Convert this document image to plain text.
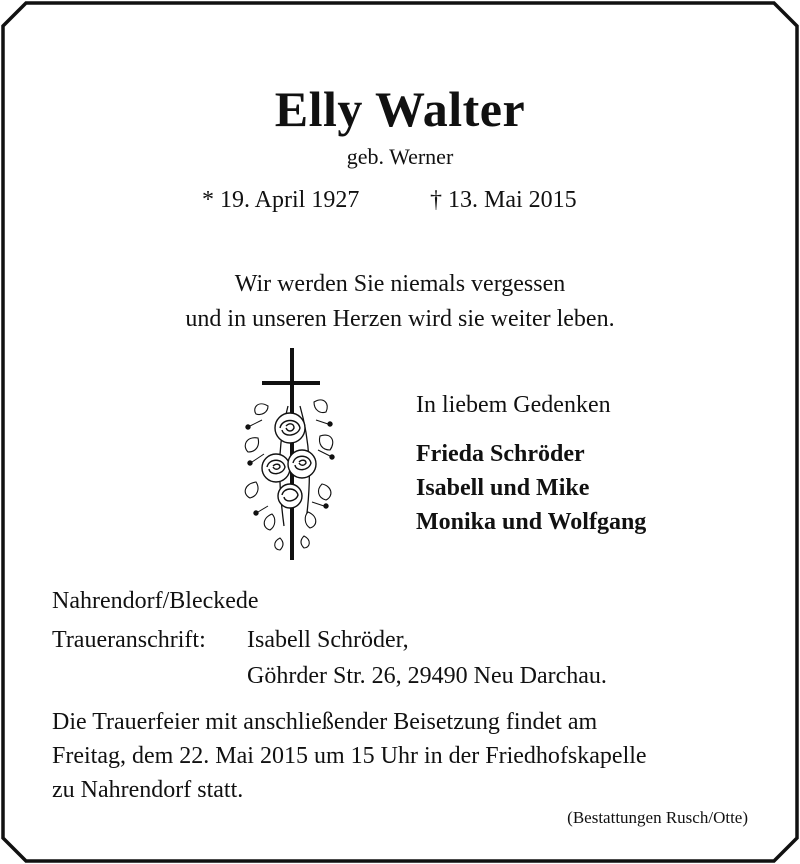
Elly Walter
geb. Werner
* 19. April 1927	† 13. Mai 2015
Wir werden Sie niemals vergessen
und in unseren Herzen wird sie weiter leben.
In liebem Gedenken
Frieda Schröder
Isabell und Mike
Monika und Wolfgang
Nahrendorf/Bleckede
Traueranschrift: Isabell Schröder,
Göhrder Str. 26, 29490 Neu Darchau.
Die Trauerfeier mit anschließender Beisetzung findet am
Freitag, dem 22. Mai 2015 um 15 Uhr in der Friedhofskapelle
zu Nahrendorf statt.
(Bestattungen Rusch/Otte)
